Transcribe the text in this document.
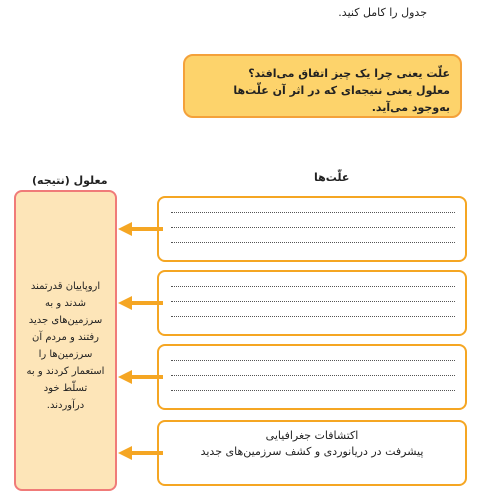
جدول را کامل کنید.
علّت یعنی چرا یک چیز اتفاق می‌افتد؟
معلول یعنی نتیجه‌ای که در اثر آن علّت‌ها به‌وجود می‌آید.
علّت‌ها
معلول (نتیجه)
اروپاییان قدرتمند شدند و به سرزمین‌های جدید رفتند و مردم آن سرزمین‌ها را استعمار کردند و به تسلّط خود درآوردند.
اکتشافات جغرافیایی
پیشرفت در دریانوردی و کشف سرزمین‌های جدید
